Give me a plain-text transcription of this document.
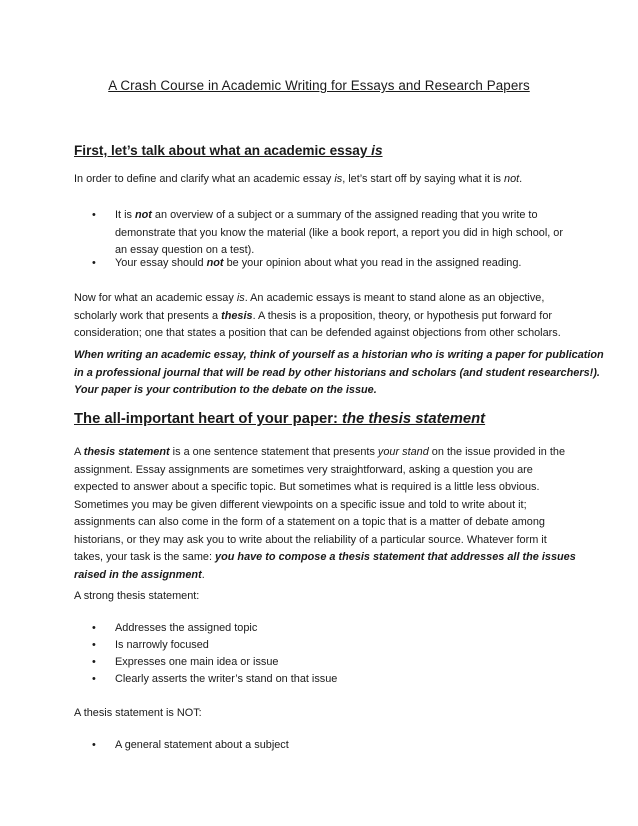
A Crash Course in Academic Writing for Essays and Research Papers
First, let’s talk about what an academic essay is
In order to define and clarify what an academic essay is, let’s start off by saying what it is not.
• It is not an overview of a subject or a summary of the assigned reading that you write to
demonstrate that you know the material (like a book report, a report you did in high school, or
an essay question on a test).
• Your essay should not be your opinion about what you read in the assigned reading.
Now for what an academic essay is. An academic essays is meant to stand alone as an objective,
scholarly work that presents a thesis. A thesis is a proposition, theory, or hypothesis put forward for
consideration; one that states a position that can be defended against objections from other scholars.
When writing an academic essay, think of yourself as a historian who is writing a paper for publication
in a professional journal that will be read by other historians and scholars (and student researchers!).
Your paper is your contribution to the debate on the issue.
The all-important heart of your paper: the thesis statement
A thesis statement is a one sentence statement that presents your stand on the issue provided in the
assignment. Essay assignments are sometimes very straightforward, asking a question you are
expected to answer about a specific topic. But sometimes what is required is a little less obvious.
Sometimes you may be given different viewpoints on a specific issue and told to write about it;
assignments can also come in the form of a statement on a topic that is a matter of debate among
historians, or they may ask you to write about the reliability of a particular source. Whatever form it
takes, your task is the same: you have to compose a thesis statement that addresses all the issues
raised in the assignment.
A strong thesis statement:
• Addresses the assigned topic
• Is narrowly focused
• Expresses one main idea or issue
• Clearly asserts the writer’s stand on that issue
A thesis statement is NOT:
• A general statement about a subject
